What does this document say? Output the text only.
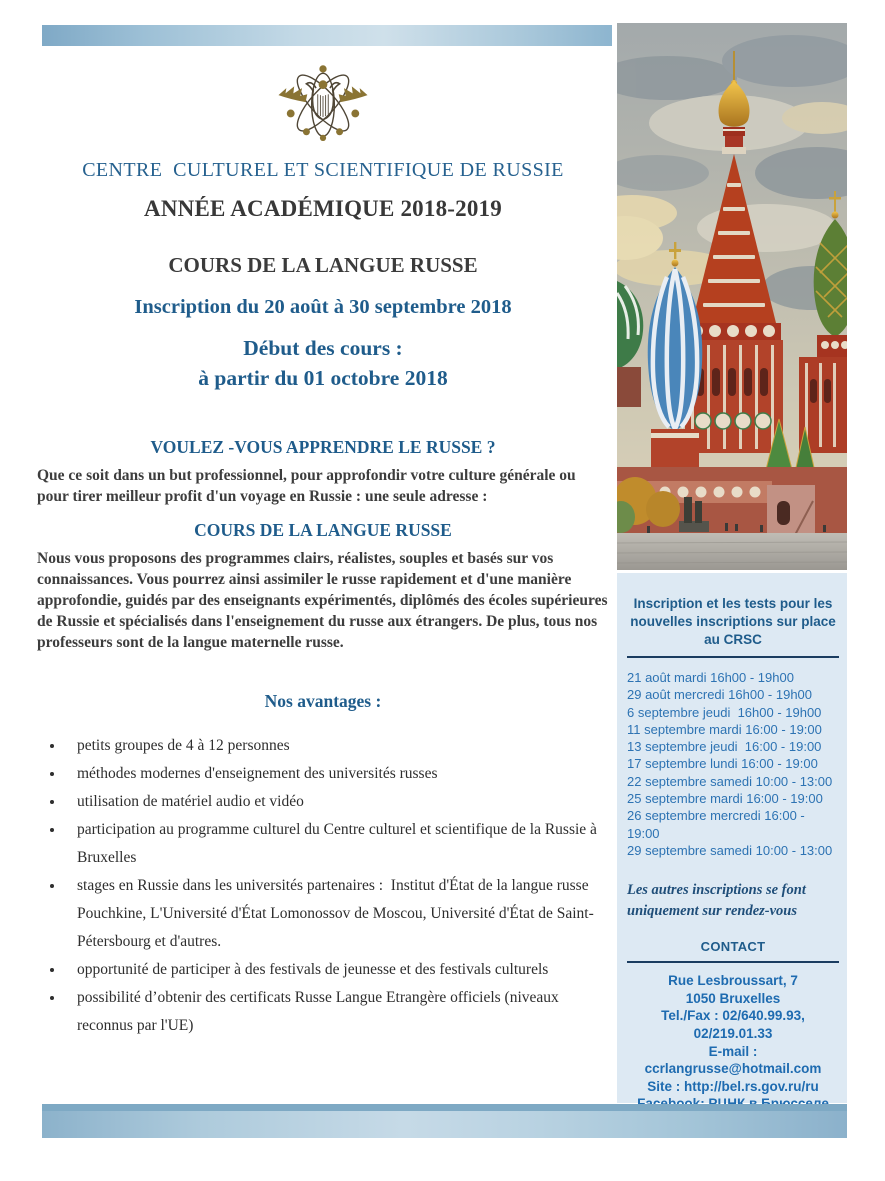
CENTRE  CULTUREL ET SCIENTIFIQUE DE RUSSIE
ANNÉE ACADÉMIQUE 2018-2019
COURS DE LA LANGUE RUSSE
Inscription du 20 août à 30 septembre 2018
Début des cours :
à partir du 01 octobre 2018
VOULEZ -VOUS APPRENDRE LE RUSSE ?

Que ce soit dans un but professionnel, pour approfondir votre culture générale ou pour tirer meilleur profit d'un voyage en Russie : une seule adresse :

COURS DE LA LANGUE RUSSE

Nous vous proposons des programmes clairs, réalistes, souples et basés sur vos connaissances. Vous pourrez ainsi assimiler le russe rapidement et d'une manière approfondie, guidés par des enseignants expérimentés, diplômés des écoles supérieures de Russie et spécialisés dans l'enseignement du russe aux étrangers. De plus, tous nos professeurs sont de la langue maternelle russe.

Nos avantages :
• petits groupes de 4 à 12 personnes
• méthodes modernes d'enseignement des universités russes
• utilisation de matériel audio et vidéo
• participation au programme culturel du Centre culturel et scientifique de la Russie à Bruxelles
• stages en Russie dans les universités partenaires :  Institut d'État de la langue russe Pouchkine, L'Université d'État Lomonossov de Moscou, Université d'État de Saint-Pétersbourg et d'autres.
• opportunité de participer à des festivals de jeunesse et des festivals culturels
• possibilité d’obtenir des certificats Russe Langue Etrangère officiels (niveaux reconnus par l'UE)
Inscription et les tests pour les nouvelles inscriptions sur place au CRSC
21 août mardi 16h00 - 19h00
29 août mercredi 16h00 - 19h00
6 septembre jeudi  16h00 - 19h00
11 septembre mardi 16:00 - 19:00
13 septembre jeudi  16:00 - 19:00
17 septembre lundi 16:00 - 19:00
22 septembre samedi 10:00 - 13:00
25 septembre mardi 16:00 - 19:00
26 septembre mercredi 16:00 - 19:00
29 septembre samedi 10:00 - 13:00
Les autres inscriptions se font uniquement sur rendez-vous
CONTACT
Rue Lesbroussart, 7
1050 Bruxelles
Tel./Fax : 02/640.99.93,
02/219.01.33
E-mail : ccrlangrusse@hotmail.com
Site : http://bel.rs.gov.ru/ru
